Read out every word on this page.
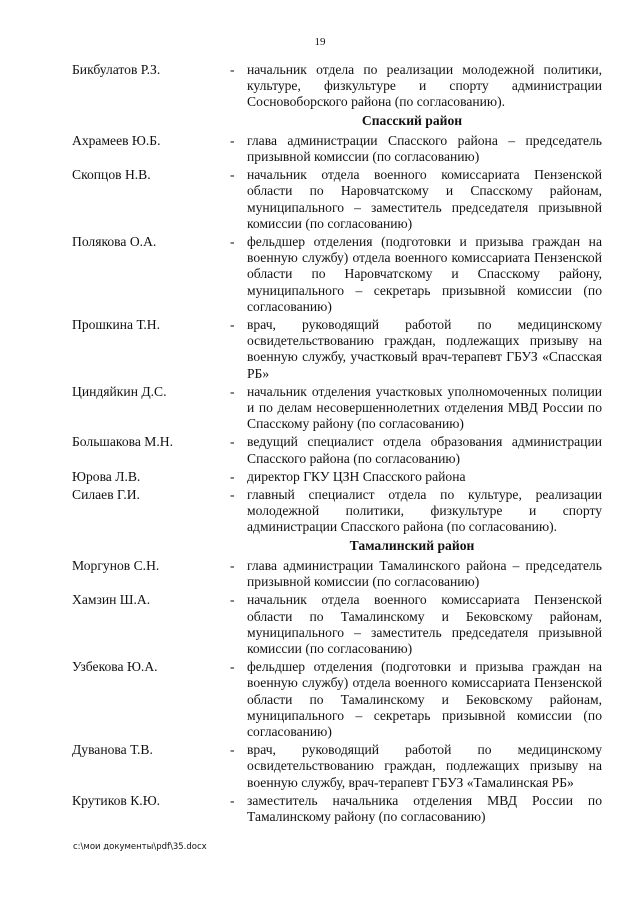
19
Бикбулатов Р.З.	- начальник отдела по реализации молодежной политики, культуре, физкультуре и спорту администрации Сосновоборского района (по согласованию).
Спасский район
Ахрамеев Ю.Б.	- глава администрации Спасского района – председатель призывной комиссии (по согласованию)
Скопцов Н.В.	- начальник отдела военного комиссариата Пензенской области по Наровчатскому и Спасскому районам, муниципального – заместитель председателя призывной комиссии (по согласованию)
Полякова О.А.	- фельдшер отделения (подготовки и призыва граждан на военную службу) отдела военного комиссариата Пензенской области по Наровчатскому и Спасскому району, муниципального – секретарь призывной комиссии (по согласованию)
Прошкина Т.Н.	- врач, руководящий работой по медицинскому освидетельствованию граждан, подлежащих призыву на военную службу, участковый врач-терапевт ГБУЗ «Спасская РБ»
Циндяйкин Д.С.	- начальник отделения участковых уполномоченных полиции и по делам несовершеннолетних отделения МВД России по Спасскому району (по согласованию)
Большакова М.Н.	- ведущий специалист отдела образования администрации Спасского района (по согласованию)
Юрова Л.В.	- директор ГКУ ЦЗН Спасского района
Силаев Г.И.	- главный специалист отдела по культуре, реализации молодежной политики, физкультуре и спорту администрации Спасского района (по согласованию).
Тамалинский район
Моргунов С.Н.	- глава администрации Тамалинского района – председатель призывной комиссии (по согласованию)
Хамзин Ш.А.	- начальник отдела военного комиссариата Пензенской области по Тамалинскому и Бековскому районам, муниципального – заместитель председателя призывной комиссии (по согласованию)
Узбекова Ю.А.	- фельдшер отделения (подготовки и призыва граждан на военную службу) отдела военного комиссариата Пензенской области по Тамалинскому и Бековскому районам, муниципального – секретарь призывной комиссии (по согласованию)
Дуванова Т.В.	- врач, руководящий работой по медицинскому освидетельствованию граждан, подлежащих призыву на военную службу, врач-терапевт ГБУЗ «Тамалинская РБ»
Крутиков К.Ю.	- заместитель начальника отделения МВД России по Тамалинскому району (по согласованию)
c:\мои документы\pdf\35.docx
